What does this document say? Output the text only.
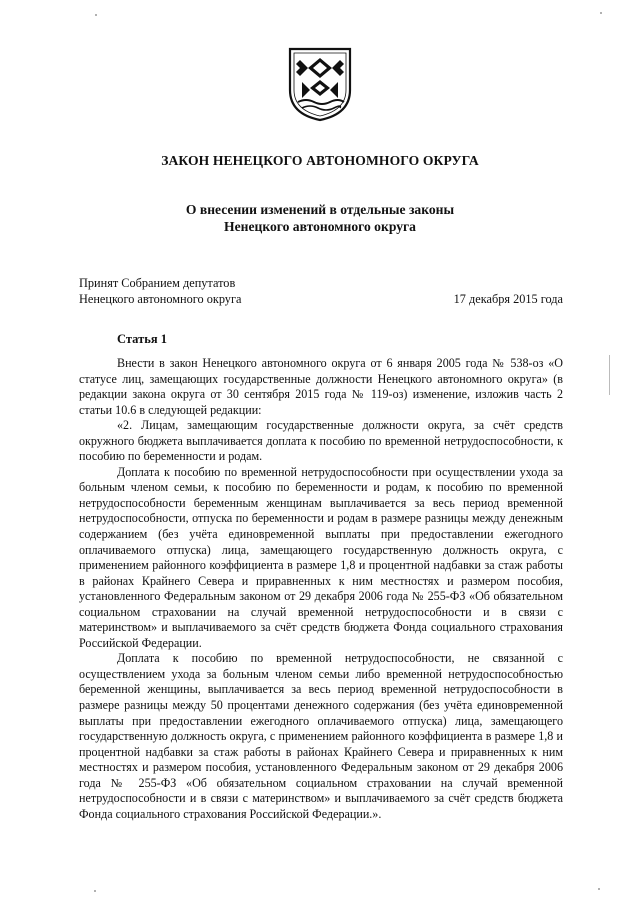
ЗАКОН НЕНЕЦКОГО АВТОНОМНОГО ОКРУГА
О внесении изменений в отдельные законы
Ненецкого автономного округа
Принят Собранием депутатов
Ненецкого автономного округа	17 декабря 2015 года
Статья 1

Внести в закон Ненецкого автономного округа от 6 января 2005 года № 538-оз «О статусе лиц, замещающих государственные должности Ненецкого автономного округа» (в редакции закона округа от 30 сентября 2015 года № 119-оз) изменение, изложив часть 2 статьи 10.6 в следующей редакции:

«2. Лицам, замещающим государственные должности округа, за счёт средств окружного бюджета выплачивается доплата к пособию по временной нетрудоспособности, к пособию по беременности и родам.

Доплата к пособию по временной нетрудоспособности при осуществлении ухода за больным членом семьи, к пособию по беременности и родам, к пособию по временной нетрудоспособности беременным женщинам выплачивается за весь период временной нетрудоспособности, отпуска по беременности и родам в размере разницы между денежным содержанием (без учёта единовременной выплаты при предоставлении ежегодного оплачиваемого отпуска) лица, замещающего государственную должность округа, с применением районного коэффициента в размере 1,8 и процентной надбавки за стаж работы в районах Крайнего Севера и приравненных к ним местностях и размером пособия, установленного Федеральным законом от 29 декабря 2006 года № 255-ФЗ «Об обязательном социальном страховании на случай временной нетрудоспособности и в связи с материнством» и выплачиваемого за счёт средств бюджета Фонда социального страхования Российской Федерации.

Доплата к пособию по временной нетрудоспособности, не связанной с осуществлением ухода за больным членом семьи либо временной нетрудоспособностью беременной женщины, выплачивается за весь период временной нетрудоспособности в размере разницы между 50 процентами денежного содержания (без учёта единовременной выплаты при предоставлении ежегодного оплачиваемого отпуска) лица, замещающего государственную должность округа, с применением районного коэффициента в размере 1,8 и процентной надбавки за стаж работы в районах Крайнего Севера и приравненных к ним местностях и размером пособия, установленного Федеральным законом от 29 декабря 2006 года № 255-ФЗ «Об обязательном социальном страховании на случай временной нетрудоспособности и в связи с материнством» и выплачиваемого за счёт средств бюджета Фонда социального страхования Российской Федерации.».
